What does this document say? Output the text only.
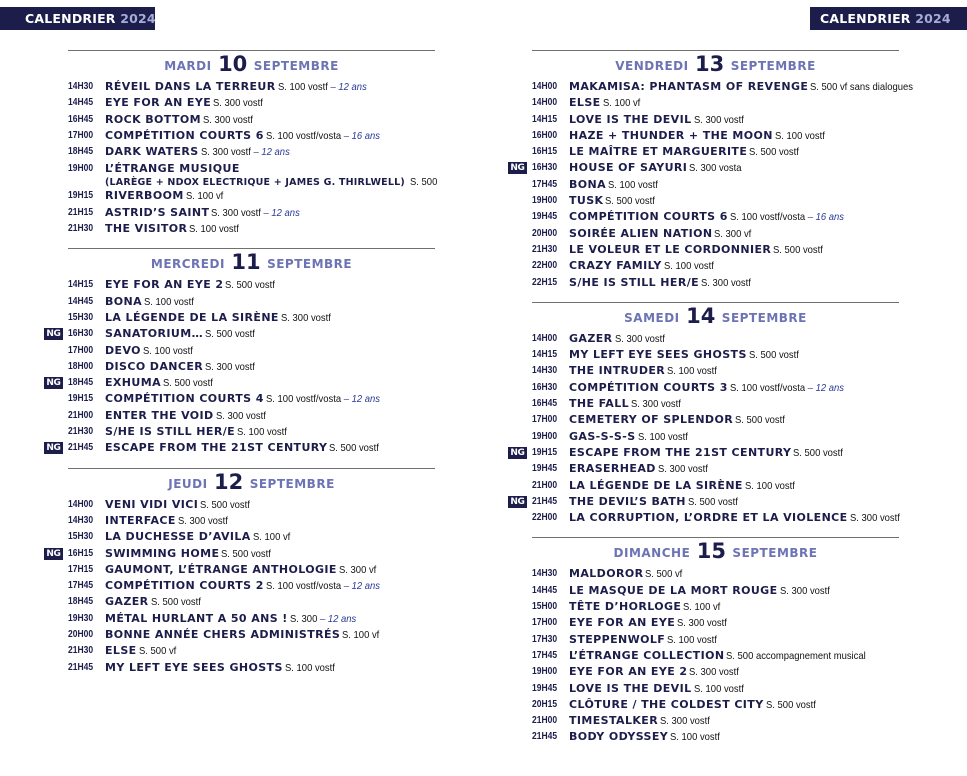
CALENDRIER 2024	CALENDRIER 2024
MARDI 10 SEPTEMBRE
14H30	RÉVEIL DANS LA TERREUR S. 100 vostf – 12 ans
14H45	EYE FOR AN EYE S. 300 vostf
16H45	ROCK BOTTOM S. 300 vostf
17H00	COMPÉTITION COURTS 6 S. 100 vostf/vosta – 16 ans
18H45	DARK WATERS S. 300 vostf – 12 ans
19H00	L’ÉTRANGE MUSIQUE
(LARÈGE + NDOX ELECTRIQUE + JAMES G. THIRLWELL) S. 500
19H15	RIVERBOOM S. 100 vf
21H15	ASTRID’S SAINT S. 300 vostf – 12 ans
21H30	THE VISITOR S. 100 vostf
MERCREDI 11 SEPTEMBRE
14H15	EYE FOR AN EYE 2 S. 500 vostf
14H45	BONA S. 100 vostf
15H30	LA LÉGENDE DE LA SIRÈNE S. 300 vostf
NG 16H30	SANATORIUM… S. 500 vostf
17H00	DEVO S. 100 vostf
18H00	DISCO DANCER S. 300 vostf
NG 18H45	EXHUMA S. 500 vostf
19H15	COMPÉTITION COURTS 4 S. 100 vostf/vosta – 12 ans
21H00	ENTER THE VOID S. 300 vostf
21H30	S/HE IS STILL HER/E S. 100 vostf
NG 21H45	ESCAPE FROM THE 21ST CENTURY S. 500 vostf
JEUDI 12 SEPTEMBRE
14H00	VENI VIDI VICI S. 500 vostf
14H30	INTERFACE S. 300 vostf
15H30	LA DUCHESSE D’AVILA S. 100 vf
NG 16H15	SWIMMING HOME S. 500 vostf
17H15	GAUMONT, L’ÉTRANGE ANTHOLOGIE S. 300 vf
17H45	COMPÉTITION COURTS 2 S. 100 vostf/vosta – 12 ans
18H45	GAZER S. 500 vostf
19H30	MÉTAL HURLANT A 50 ANS ! S. 300 – 12 ans
20H00	BONNE ANNÉE CHERS ADMINISTRÉS S. 100 vf
21H30	ELSE S. 500 vf
21H45	MY LEFT EYE SEES GHOSTS S. 100 vostf
VENDREDI 13 SEPTEMBRE
14H00	MAKAMISA: PHANTASM OF REVENGE S. 500 vf sans dialogues
14H00	ELSE S. 100 vf
14H15	LOVE IS THE DEVIL S. 300 vostf
16H00	HAZE + THUNDER + THE MOON S. 100 vostf
16H15	LE MAÎTRE ET MARGUERITE S. 500 vostf
NG 16H30	HOUSE OF SAYURI S. 300 vosta
17H45	BONA S. 100 vostf
19H00	TUSK S. 500 vostf
19H45	COMPÉTITION COURTS 6 S. 100 vostf/vosta – 16 ans
20H00	SOIRÉE ALIEN NATION S. 300 vf
21H30	LE VOLEUR ET LE CORDONNIER S. 500 vostf
22H00	CRAZY FAMILY S. 100 vostf
22H15	S/HE IS STILL HER/E S. 300 vostf
SAMEDI 14 SEPTEMBRE
14H00	GAZER S. 300 vostf
14H15	MY LEFT EYE SEES GHOSTS S. 500 vostf
14H30	THE INTRUDER S. 100 vostf
16H30	COMPÉTITION COURTS 3 S. 100 vostf/vosta – 12 ans
16H45	THE FALL S. 300 vostf
17H00	CEMETERY OF SPLENDOR S. 500 vostf
19H00	GAS-S-S-S S. 100 vostf
NG 19H15	ESCAPE FROM THE 21ST CENTURY S. 500 vostf
19H45	ERASERHEAD S. 300 vostf
21H00	LA LÉGENDE DE LA SIRÈNE S. 100 vostf
NG 21H45	THE DEVIL’S BATH S. 500 vostf
22H00	LA CORRUPTION, L’ORDRE ET LA VIOLENCE S. 300 vostf
DIMANCHE 15 SEPTEMBRE
14H30	MALDOROR S. 500 vf
14H45	LE MASQUE DE LA MORT ROUGE S. 300 vostf
15H00	TÊTE D’HORLOGE S. 100 vf
17H00	EYE FOR AN EYE S. 300 vostf
17H30	STEPPENWOLF S. 100 vostf
17H45	L’ÉTRANGE COLLECTION S. 500 accompagnement musical
19H00	EYE FOR AN EYE 2 S. 300 vostf
19H45	LOVE IS THE DEVIL S. 100 vostf
20H15	CLÔTURE / THE COLDEST CITY S. 500 vostf
21H00	TIMESTALKER S. 300 vostf
21H45	BODY ODYSSEY S. 100 vostf
